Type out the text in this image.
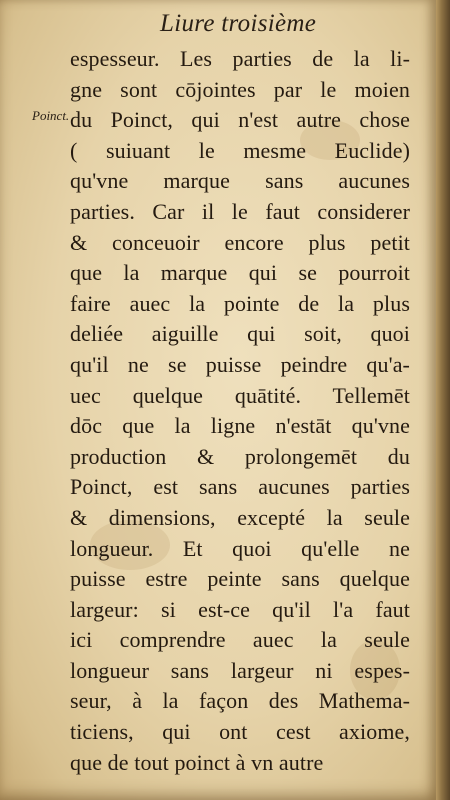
Liure troisième
Poinct.
espesseur. Les parties de la li-
gne sont cōjointes par le moien
du Poinct, qui n'est autre chose
( suiuant le mesme Euclide)
qu'vne marque sans aucunes
parties. Car il le faut considerer
& conceuoir encore plus petit
que la marque qui se pourroit
faire auec la pointe de la plus
deliée aiguille qui soit, quoi
qu'il ne se puisse peindre qu'a-
uec quelque quātité. Tellemēt
dōc que la ligne n'estāt qu'vne
production & prolongemēt du
Poinct, est sans aucunes parties
& dimensions, excepté la seule
longueur. Et quoi qu'elle ne
puisse estre peinte sans quelque
largeur: si est-ce qu'il l'a faut
ici comprendre auec la seule
longueur sans largeur ni espes-
seur, à la façon des Mathema-
ticiens, qui ont cest axiome,
que de tout poinct à vn autre
